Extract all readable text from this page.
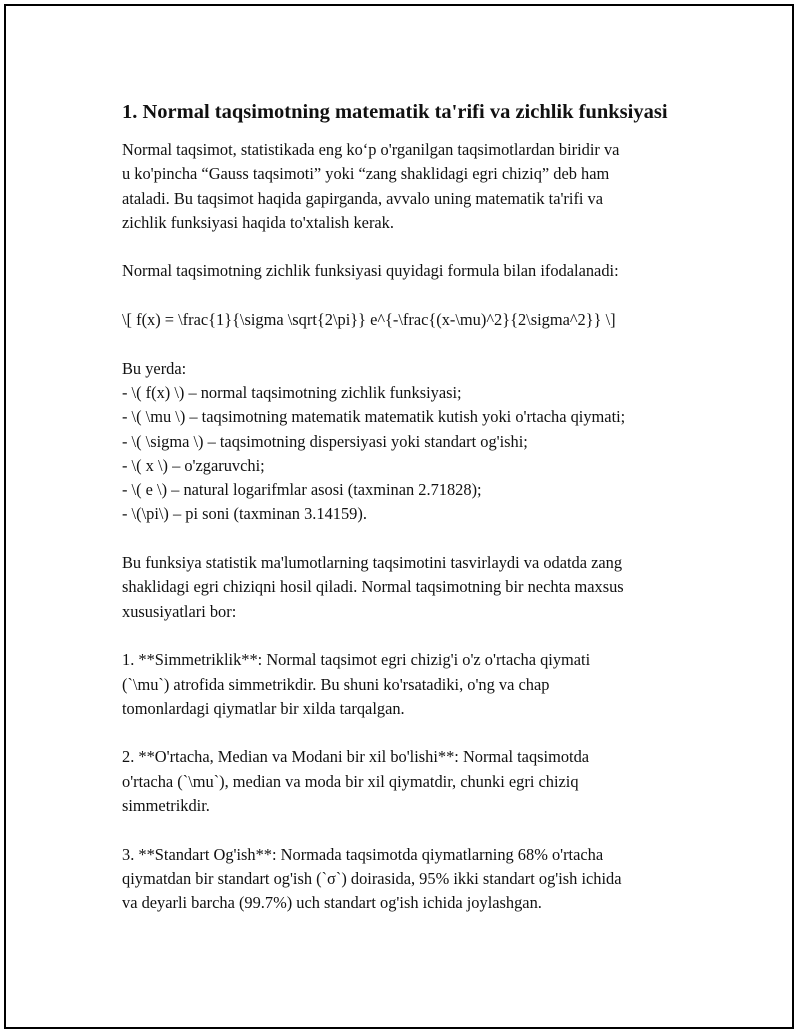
1. Normal taqsimotning matematik ta'rifi va zichlik funksiyasi
Normal taqsimot, statistikada eng ko‘p o'rganilgan taqsimotlardan biridir va
u ko'pincha “Gauss taqsimoti” yoki “zang shaklidagi egri chiziq” deb ham
ataladi. Bu taqsimot haqida gapirganda, avvalo uning matematik ta'rifi va
zichlik funksiyasi haqida to'xtalish kerak.
Normal taqsimotning zichlik funksiyasi quyidagi formula bilan ifodalanadi:
\[ f(x) = \frac{1}{\sigma \sqrt{2\pi}} e^{-\frac{(x-\mu)^2}{2\sigma^2}} \]
Bu yerda:
- \( f(x) \) – normal taqsimotning zichlik funksiyasi;
- \( \mu \) – taqsimotning matematik matematik kutish yoki o'rtacha qiymati;
- \( \sigma \) – taqsimotning dispersiyasi yoki standart og'ishi;
- \( x \) – o'zgaruvchi;
- \( e \) – natural logarifmlar asosi (taxminan 2.71828);
- \(\pi\) – pi soni (taxminan 3.14159).
Bu funksiya statistik ma'lumotlarning taqsimotini tasvirlaydi va odatda zang
shaklidagi egri chiziqni hosil qiladi. Normal taqsimotning bir nechta maxsus
xususiyatlari bor:
1. **Simmetriklik**: Normal taqsimot egri chizig'i o'z o'rtacha qiymati
(`\mu`) atrofida simmetrikdir. Bu shuni ko'rsatadiki, o'ng va chap
tomonlardagi qiymatlar bir xilda tarqalgan.
2. **O'rtacha, Median va Modani bir xil bo'lishi**: Normal taqsimotda
o'rtacha (`\mu`), median va moda bir xil qiymatdir, chunki egri chiziq
simmetrikdir.
3. **Standart Og'ish**: Normada taqsimotda qiymatlarning 68% o'rtacha
qiymatdan bir standart og'ish (`σ`) doirasida, 95% ikki standart og'ish ichida
va deyarli barcha (99.7%) uch standart og'ish ichida joylashgan.
